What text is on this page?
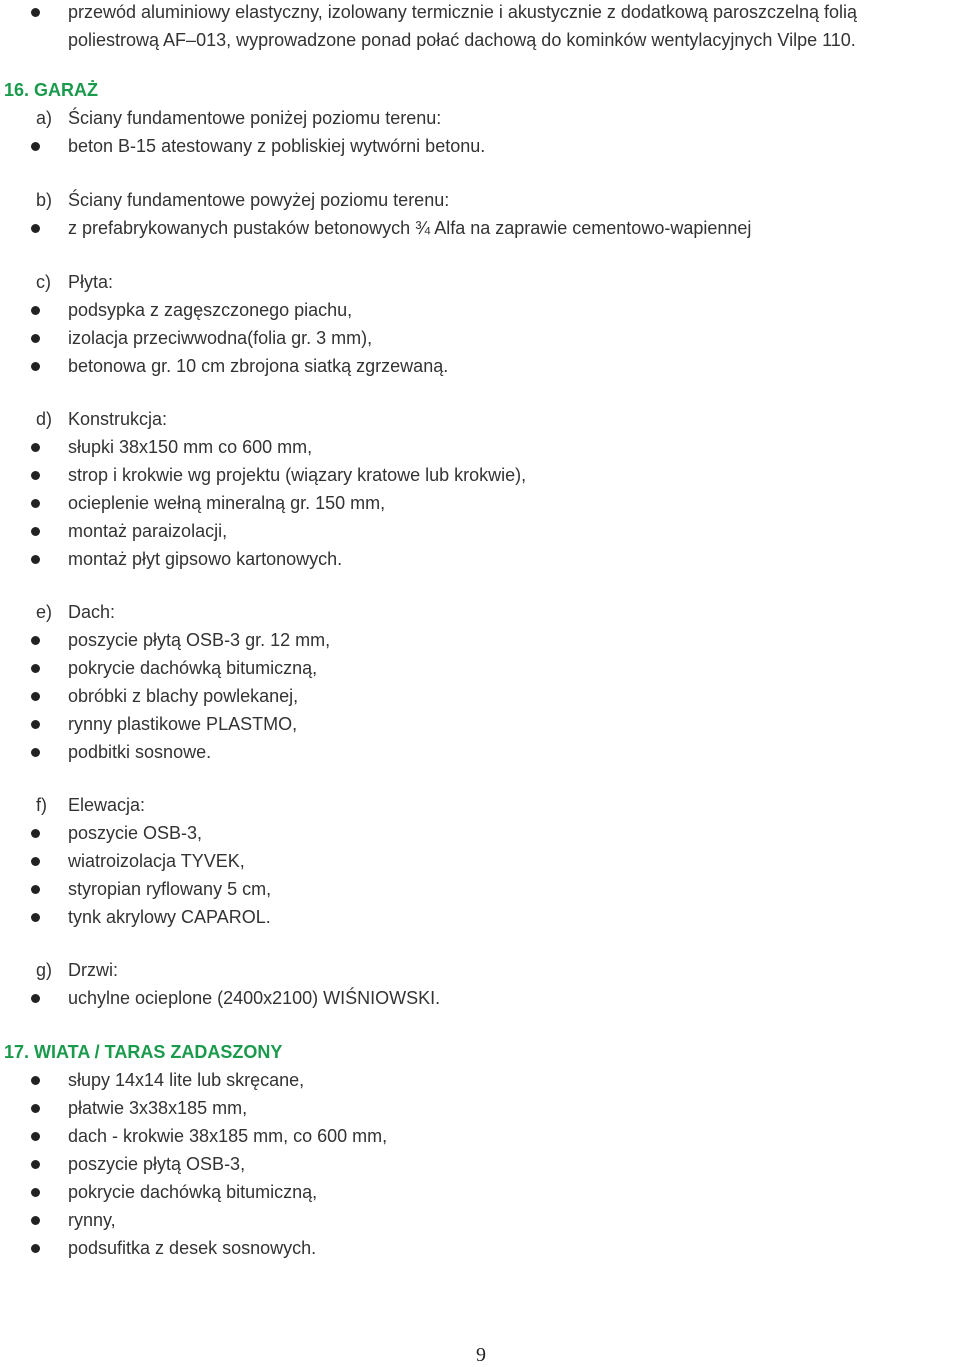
przewód aluminiowy elastyczny, izolowany termicznie i akustycznie z dodatkową paroszczelną folią
poliestrową AF–013, wyprowadzone ponad połać dachową do kominków wentylacyjnych Vilpe 110.
16. GARAŻ
a) Ściany fundamentowe poniżej poziomu terenu:
beton B-15 atestowany z pobliskiej wytwórni betonu.
b) Ściany fundamentowe powyżej poziomu terenu:
z prefabrykowanych pustaków betonowych ¾ Alfa na zaprawie cementowo-wapiennej
c) Płyta:
podsypka z zagęszczonego piachu,
izolacja przeciwwodna(folia gr. 3 mm),
betonowa gr. 10 cm zbrojona siatką zgrzewaną.
d) Konstrukcja:
słupki 38x150 mm co 600 mm,
strop i krokwie wg projektu (wiązary kratowe lub krokwie),
ocieplenie wełną mineralną gr. 150 mm,
montaż paraizolacji,
montaż płyt gipsowo kartonowych.
e) Dach:
poszycie płytą OSB-3 gr. 12 mm,
pokrycie dachówką bitumiczną,
obróbki z blachy powlekanej,
rynny plastikowe PLASTMO,
podbitki sosnowe.
f) Elewacja:
poszycie OSB-3,
wiatroizolacja TYVEK,
styropian ryflowany 5 cm,
tynk akrylowy CAPAROL.
g) Drzwi:
uchylne ocieplone (2400x2100) WIŚNIOWSKI.
17. WIATA / TARAS ZADASZONY
słupy 14x14 lite lub skręcane,
płatwie 3x38x185 mm,
dach - krokwie 38x185 mm, co 600 mm,
poszycie płytą OSB-3,
pokrycie dachówką bitumiczną,
rynny,
podsufitka z desek sosnowych.
9
